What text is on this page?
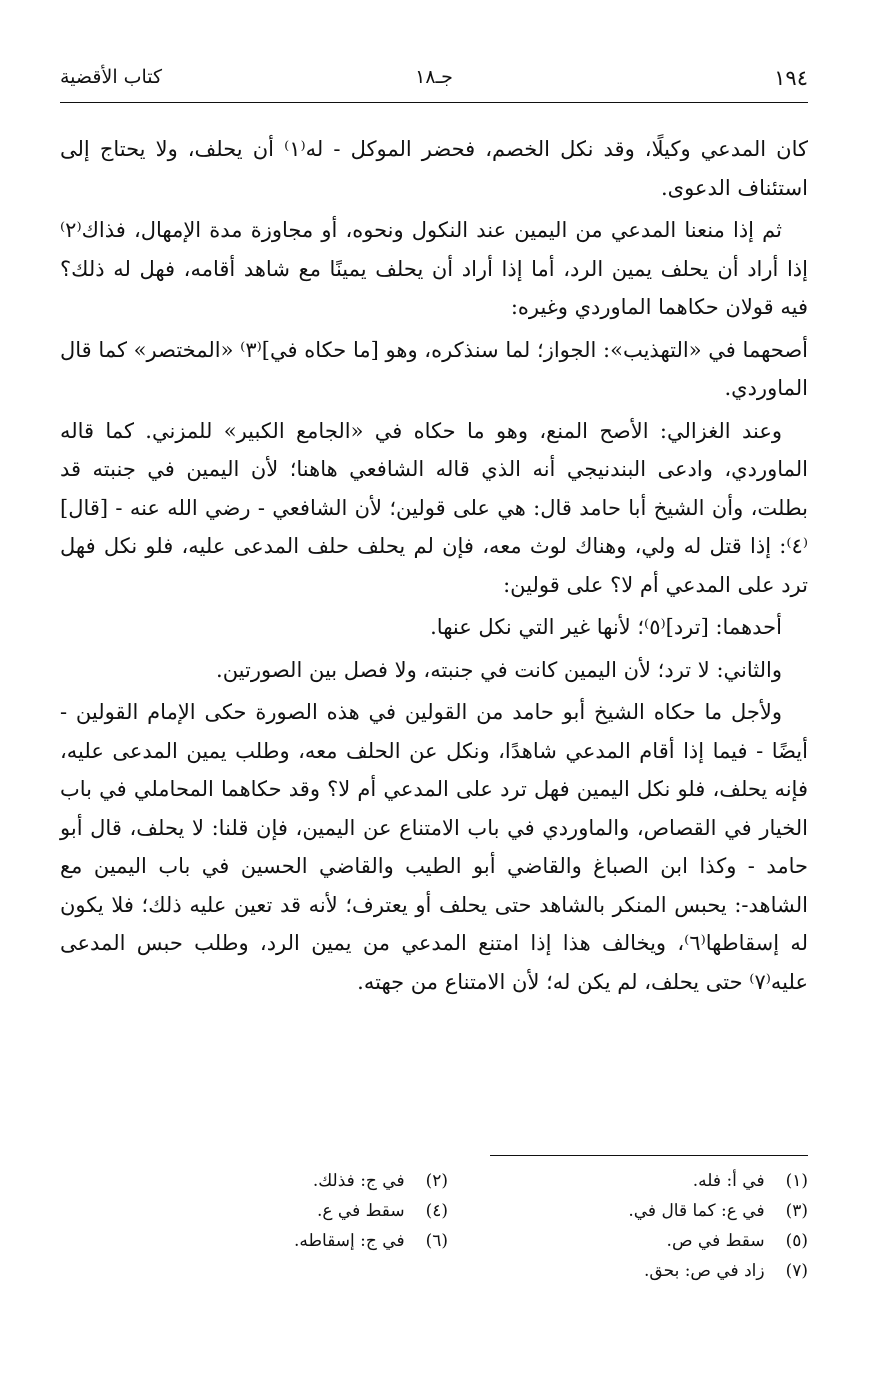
١٩٤
جـ١٨
كتاب الأقضية

كان المدعي وكيلًا، وقد نكل الخصم، فحضر الموكل - له⁽١⁾ أن يحلف، ولا يحتاج إلى استئناف الدعوى.

ثم إذا منعنا المدعي من اليمين عند النكول ونحوه، أو مجاوزة مدة الإمهال، فذاك⁽٢⁾ إذا أراد أن يحلف يمين الرد، أما إذا أراد أن يحلف يمينًا مع شاهد أقامه، فهل له ذلك؟ فيه قولان حكاهما الماوردي وغيره:

أصحهما في «التهذيب»: الجواز؛ لما سنذكره، وهو [ما حكاه في]⁽٣⁾ «المختصر» كما قال الماوردي.

وعند الغزالي: الأصح المنع، وهو ما حكاه في «الجامع الكبير» للمزني. كما قاله الماوردي، وادعى البندنيجي أنه الذي قاله الشافعي هاهنا؛ لأن اليمين في جنبته قد بطلت، وأن الشيخ أبا حامد قال: هي على قولين؛ لأن الشافعي - رضي الله عنه - [قال]⁽٤⁾: إذا قتل له ولي، وهناك لوث معه، فإن لم يحلف حلف المدعى عليه، فلو نكل فهل ترد على المدعي أم لا؟ على قولين:

أحدهما: [ترد]⁽٥⁾؛ لأنها غير التي نكل عنها.

والثاني: لا ترد؛ لأن اليمين كانت في جنبته، ولا فصل بين الصورتين.

ولأجل ما حكاه الشيخ أبو حامد من القولين في هذه الصورة حكى الإمام القولين - أيضًا - فيما إذا أقام المدعي شاهدًا، ونكل عن الحلف معه، وطلب يمين المدعى عليه، فإنه يحلف، فلو نكل اليمين فهل ترد على المدعي أم لا؟ وقد حكاهما المحاملي في باب الخيار في القصاص، والماوردي في باب الامتناع عن اليمين، فإن قلنا: لا يحلف، قال أبو حامد - وكذا ابن الصباغ والقاضي أبو الطيب والقاضي الحسين في باب اليمين مع الشاهد-: يحبس المنكر بالشاهد حتى يحلف أو يعترف؛ لأنه قد تعين عليه ذلك؛ فلا يكون له إسقاطها⁽٦⁾، ويخالف هذا إذا امتنع المدعي من يمين الرد، وطلب حبس المدعى عليه⁽٧⁾ حتى يحلف، لم يكن له؛ لأن الامتناع من جهته.

(١) في أ: فله.
(٢) في ج: فذلك.
(٣) في ع: كما قال في.
(٤) سقط في ع.
(٥) سقط في ص.
(٦) في ج: إسقاطه.
(٧) زاد في ص: بحق.
